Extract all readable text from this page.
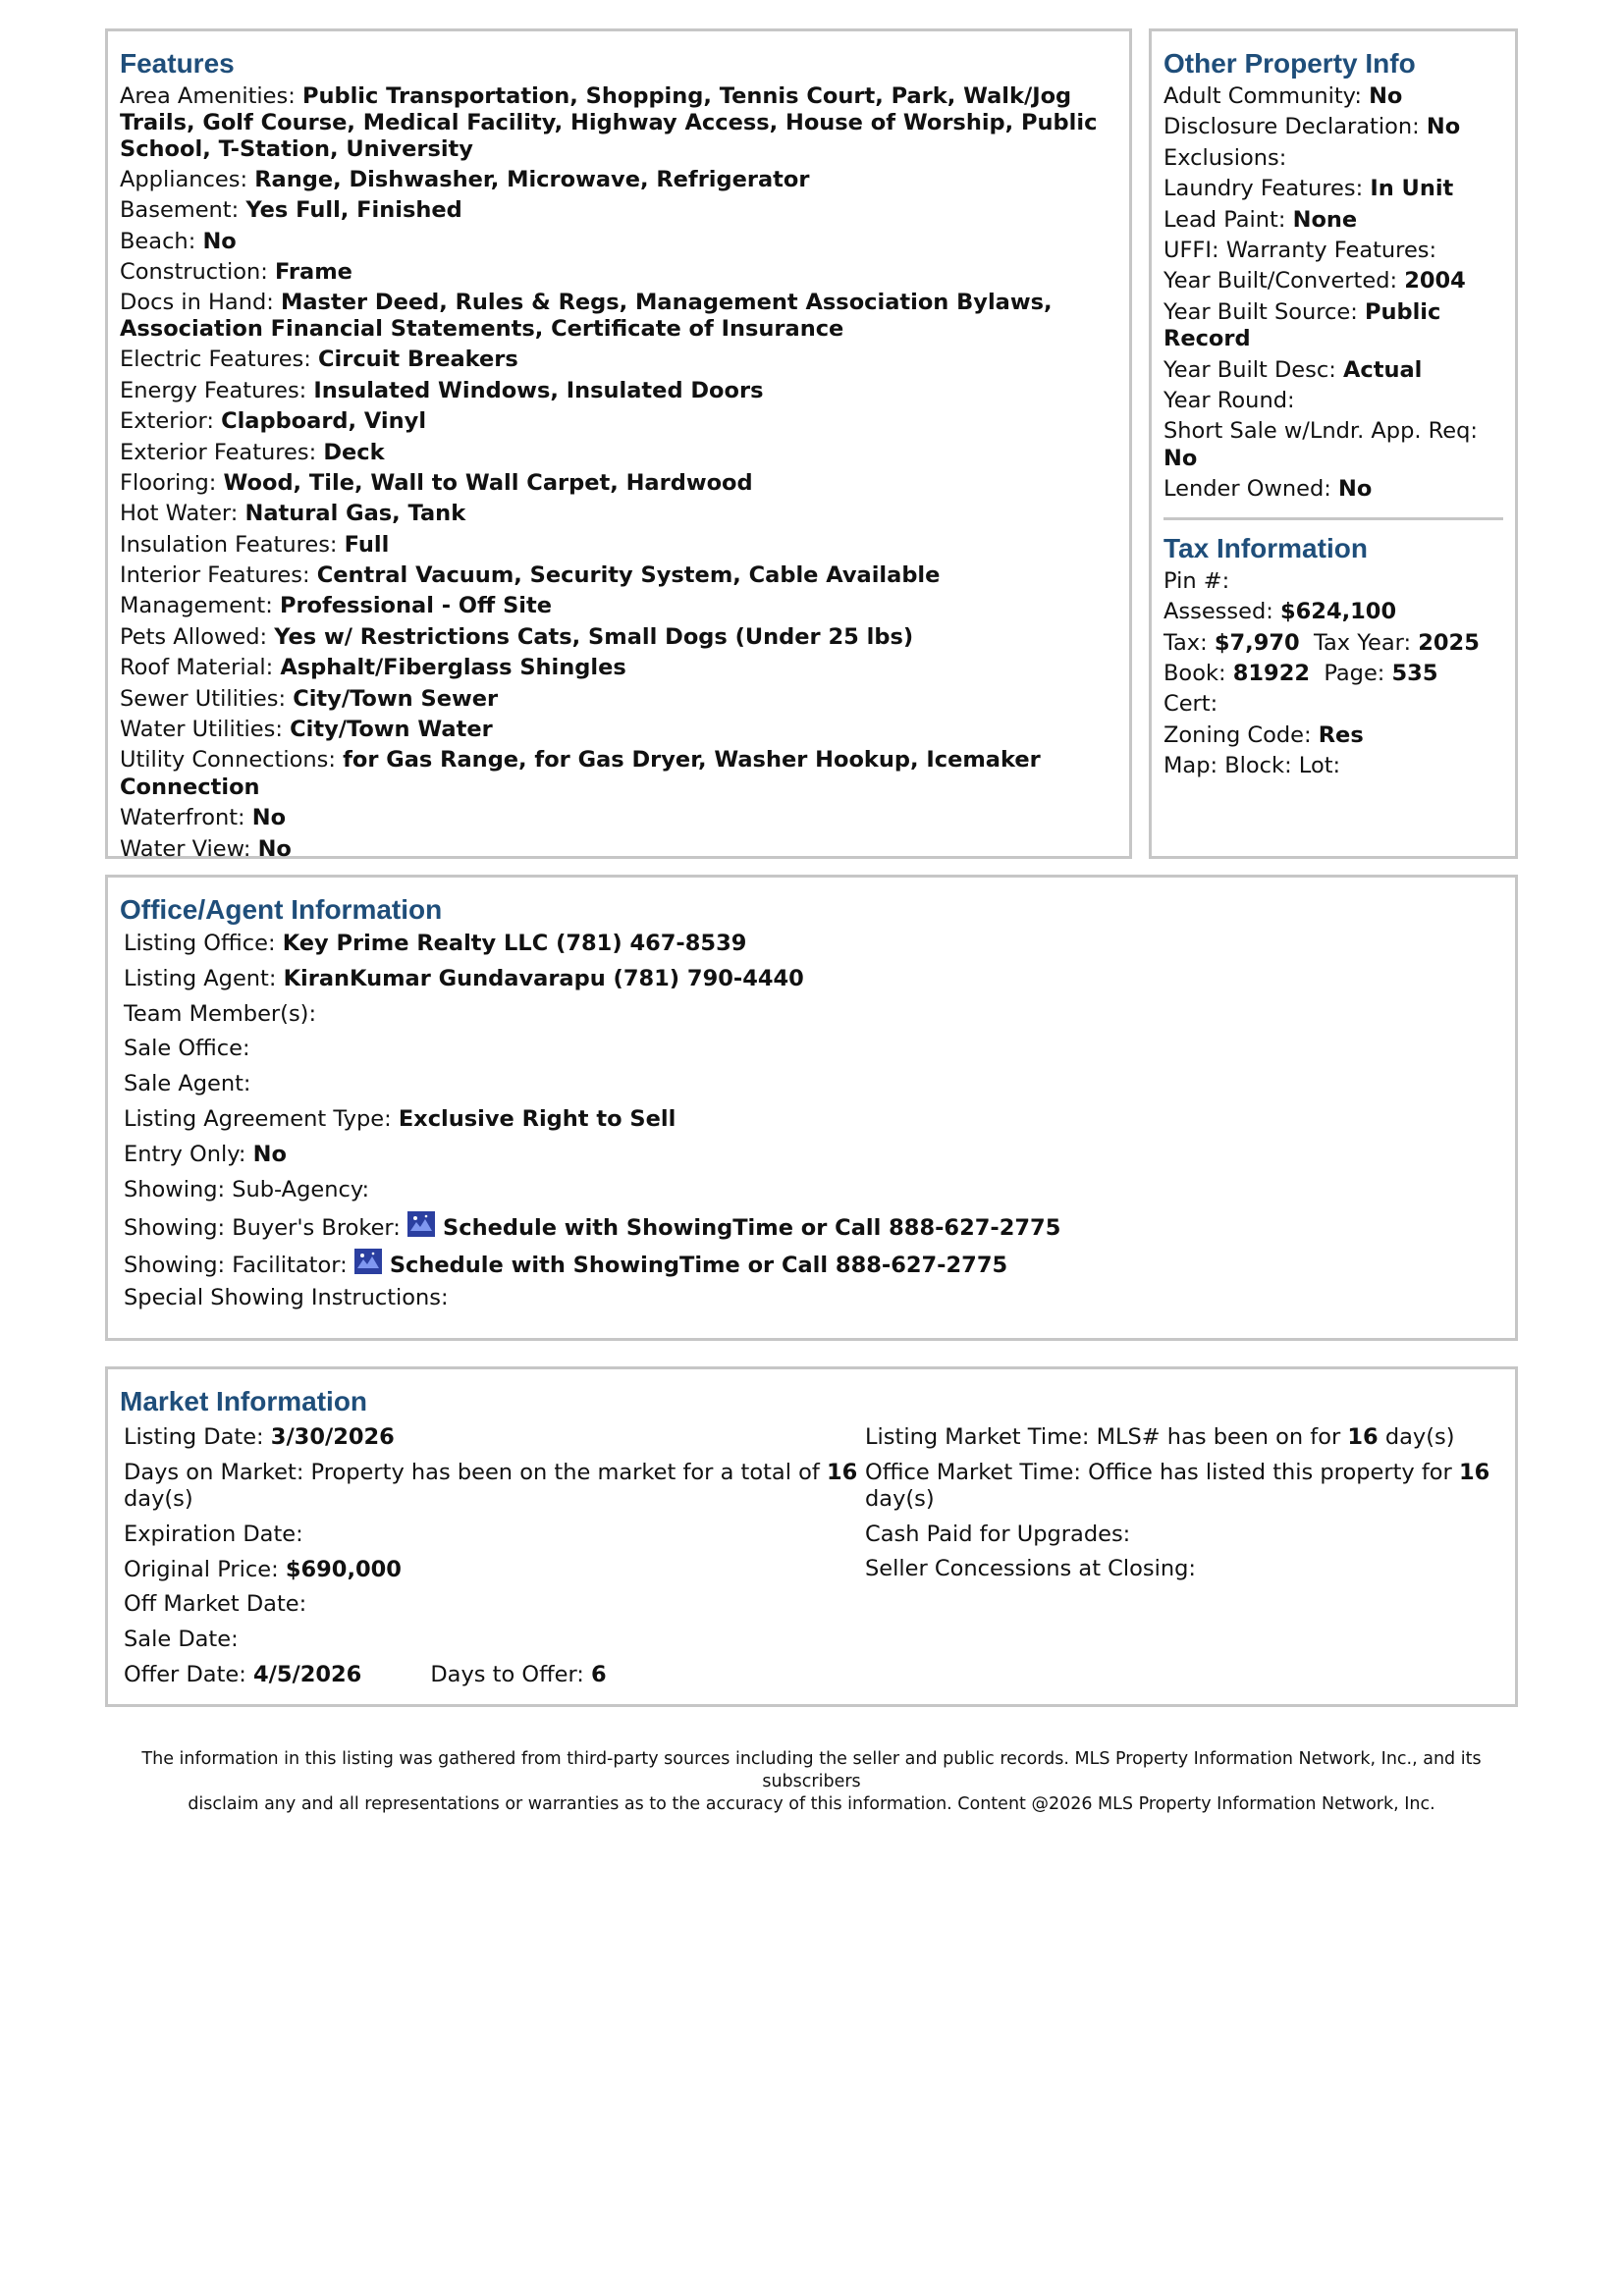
Features
Area Amenities: Public Transportation, Shopping, Tennis Court, Park, Walk/Jog Trails, Golf Course, Medical Facility, Highway Access, House of Worship, Public School, T-Station, University
Appliances: Range, Dishwasher, Microwave, Refrigerator
Basement: Yes Full, Finished
Beach: No
Construction: Frame
Docs in Hand: Master Deed, Rules & Regs, Management Association Bylaws, Association Financial Statements, Certificate of Insurance
Electric Features: Circuit Breakers
Energy Features: Insulated Windows, Insulated Doors
Exterior: Clapboard, Vinyl
Exterior Features: Deck
Flooring: Wood, Tile, Wall to Wall Carpet, Hardwood
Hot Water: Natural Gas, Tank
Insulation Features: Full
Interior Features: Central Vacuum, Security System, Cable Available
Management: Professional - Off Site
Pets Allowed: Yes w/ Restrictions Cats, Small Dogs (Under 25 lbs)
Roof Material: Asphalt/Fiberglass Shingles
Sewer Utilities: City/Town Sewer
Water Utilities: City/Town Water
Utility Connections: for Gas Range, for Gas Dryer, Washer Hookup, Icemaker Connection
Waterfront: No
Water View: No
Other Property Info
Adult Community: No
Disclosure Declaration: No
Exclusions:
Laundry Features: In Unit
Lead Paint: None
UFFI: Warranty Features:
Year Built/Converted: 2004
Year Built Source: Public Record
Year Built Desc: Actual
Year Round:
Short Sale w/Lndr. App. Req: No
Lender Owned: No
Tax Information
Pin #:
Assessed: $624,100
Tax: $7,970 Tax Year: 2025
Book: 81922 Page: 535
Cert:
Zoning Code: Res
Map: Block: Lot:
Office/Agent Information
Listing Office: Key Prime Realty LLC (781) 467-8539
Listing Agent: KiranKumar Gundavarapu (781) 790-4440
Team Member(s):
Sale Office:
Sale Agent:
Listing Agreement Type: Exclusive Right to Sell
Entry Only: No
Showing: Sub-Agency:
Showing: Buyer's Broker: Schedule with ShowingTime or Call 888-627-2775
Showing: Facilitator: Schedule with ShowingTime or Call 888-627-2775
Special Showing Instructions:
Market Information
Listing Date: 3/30/2026
Days on Market: Property has been on the market for a total of 16 day(s)
Expiration Date:
Original Price: $690,000
Off Market Date:
Sale Date:
Offer Date: 4/5/2026	Days to Offer: 6
Listing Market Time: MLS# has been on for 16 day(s)
Office Market Time: Office has listed this property for 16 day(s)
Cash Paid for Upgrades:
Seller Concessions at Closing:
The information in this listing was gathered from third-party sources including the seller and public records. MLS Property Information Network, Inc., and its subscribers
disclaim any and all representations or warranties as to the accuracy of this information. Content @2026 MLS Property Information Network, Inc.
